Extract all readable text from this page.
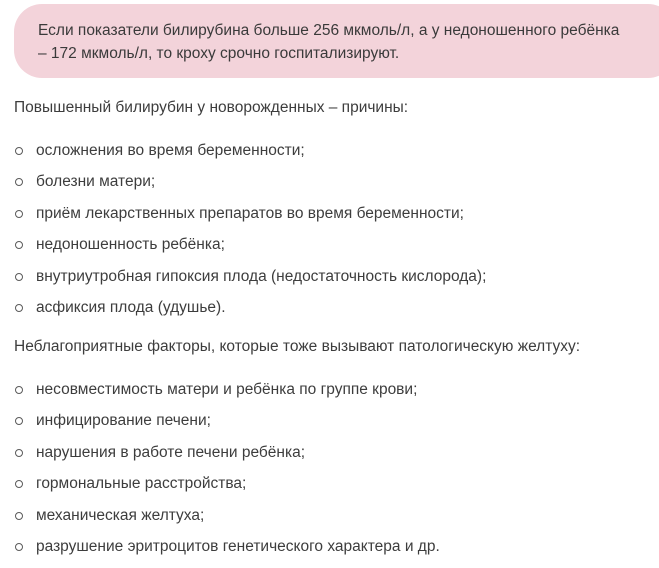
Если показатели билирубина больше 256 мкмоль/л, а у недоношенного ребёнка

– 172 мкмоль/л, то кроху срочно госпитализируют.

Повышенный билирубин у новорожденных – причины:

осложнения во время беременности;
болезни матери;
приём лекарственных препаратов во время беременности;
недоношенность ребёнка;
внутриутробная гипоксия плода (недостаточность кислорода);
асфиксия плода (удушье).

Неблагоприятные факторы, которые тоже вызывают патологическую желтуху:

несовместимость матери и ребёнка по группе крови;
инфицирование печени;
нарушения в работе печени ребёнка;
гормональные расстройства;
механическая желтуха;
разрушение эритроцитов генетического характера и др.
